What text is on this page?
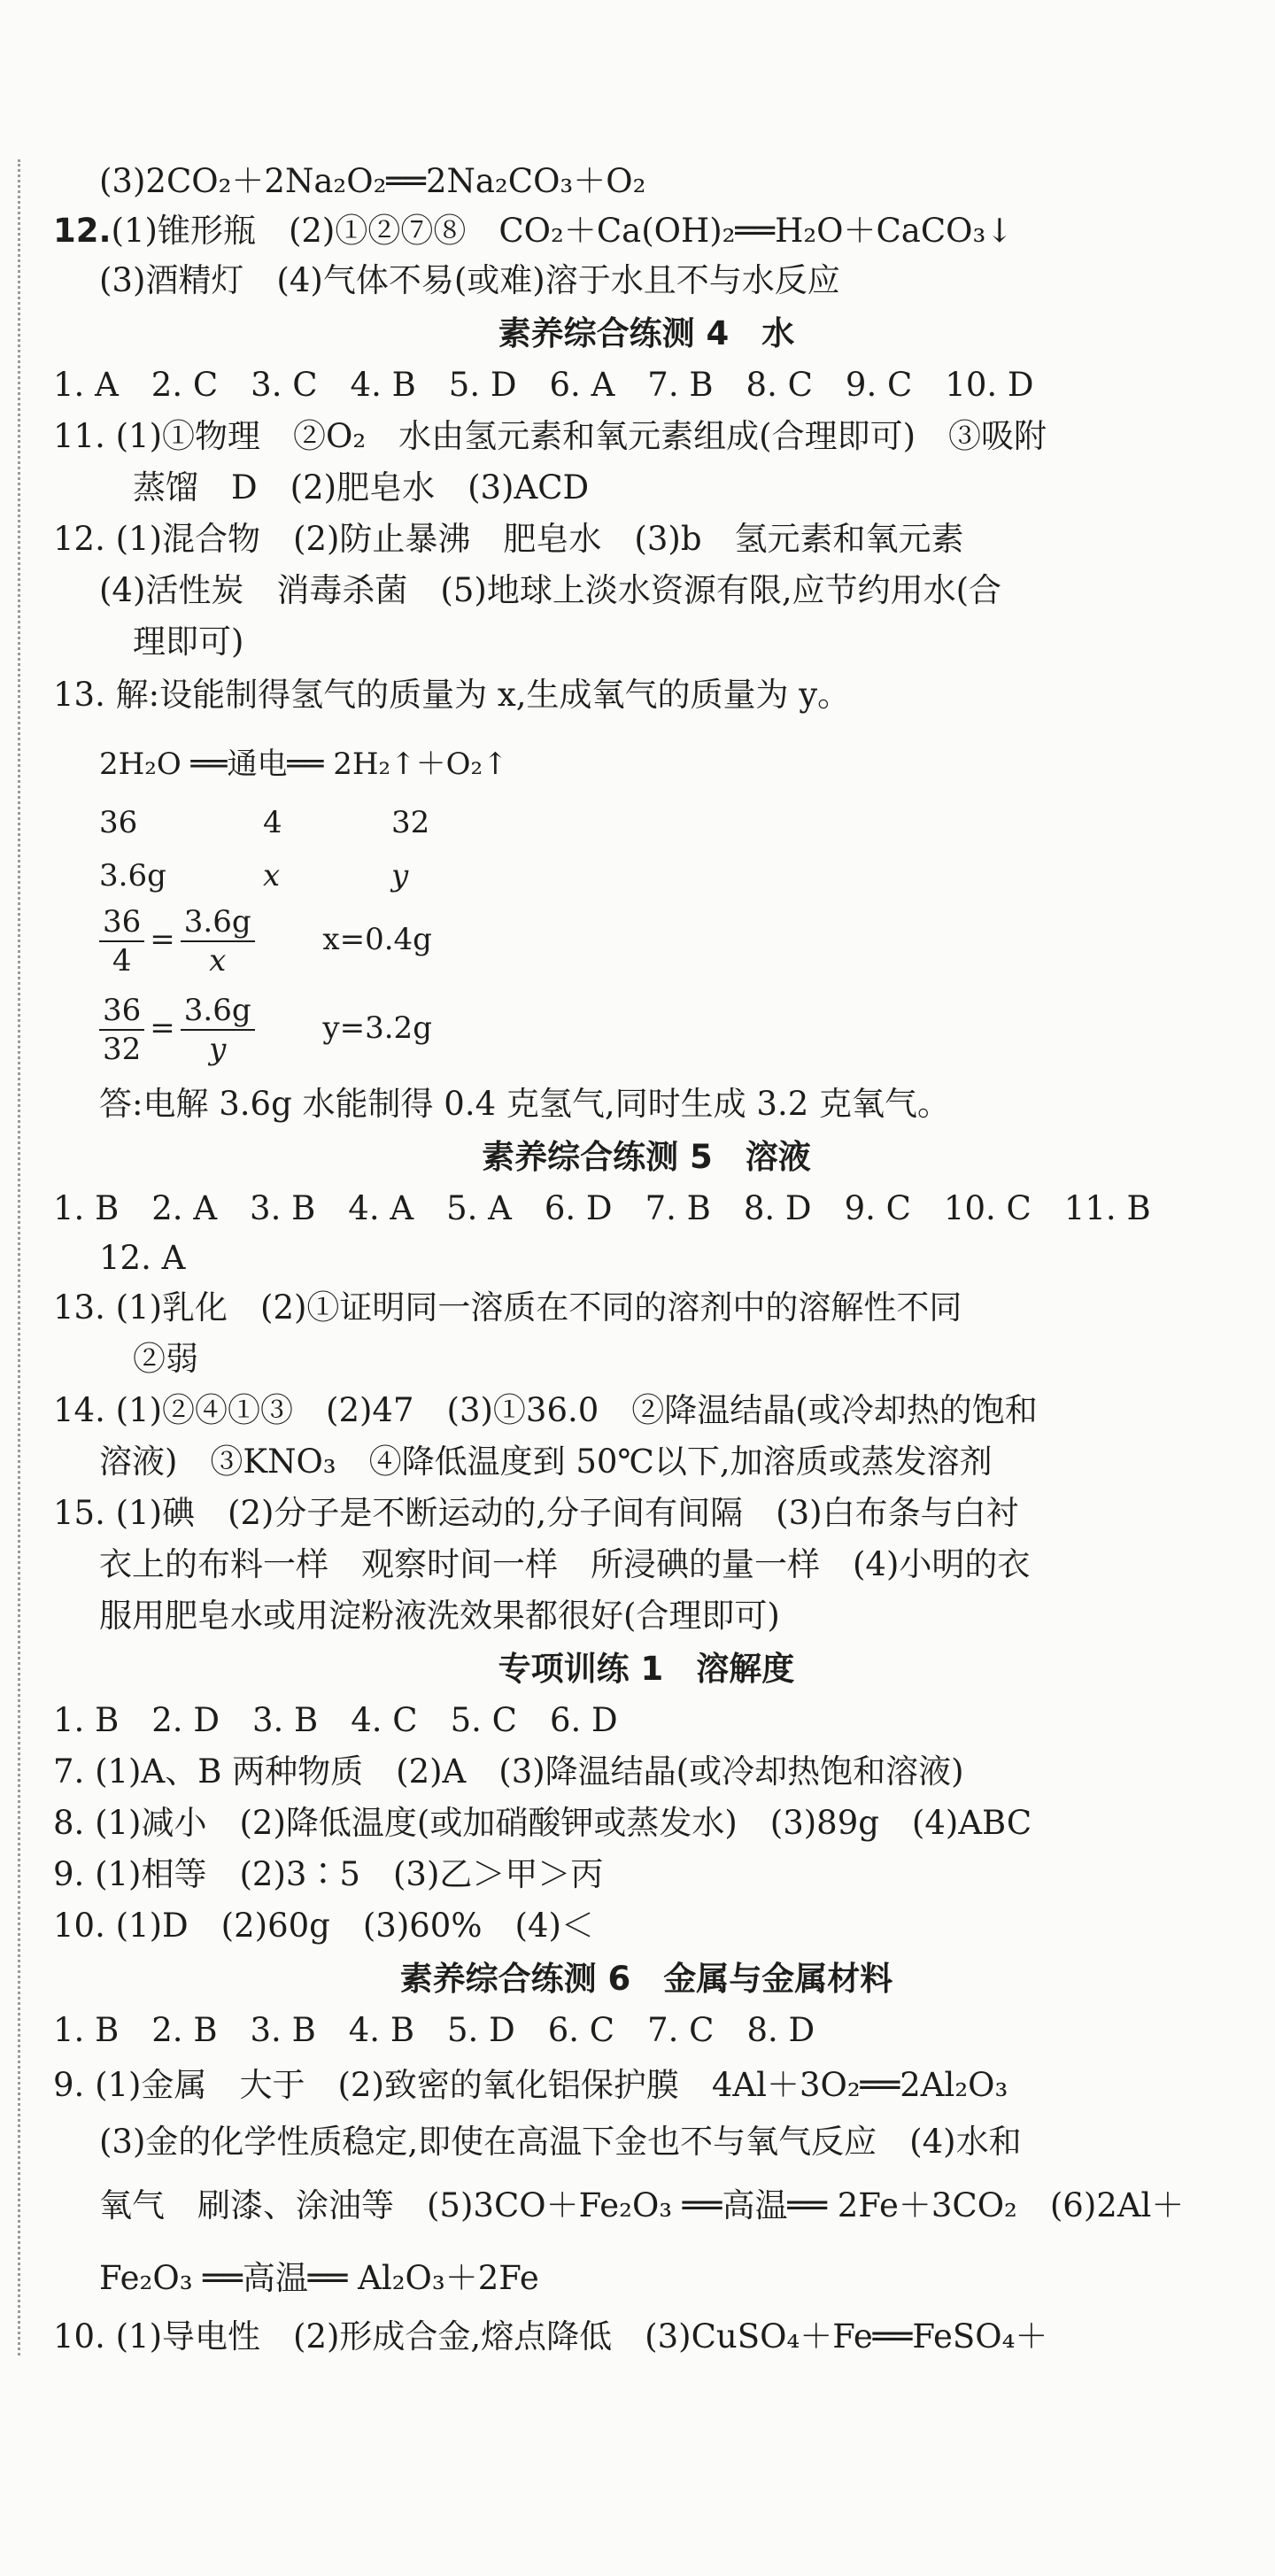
(3)2CO₂＋2Na₂O₂══2Na₂CO₃＋O₂
12.(1)锥形瓶　(2)①②⑦⑧　CO₂＋Ca(OH)₂══H₂O＋CaCO₃↓
(3)酒精灯　(4)气体不易(或难)溶于水且不与水反应
素养综合练测 4　水
1. A　2. C　3. C　4. B　5. D　6. A　7. B　8. C　9. C　10. D
11. (1)①物理　②O₂　水由氢元素和氧元素组成(合理即可)　③吸附
蒸馏　D　(2)肥皂水　(3)ACD
12. (1)混合物　(2)防止暴沸　肥皂水　(3)b　氢元素和氧元素
(4)活性炭　消毒杀菌　(5)地球上淡水资源有限,应节约用水(合
理即可)
13. 解:设能制得氢气的质量为 x,生成氧气的质量为 y。
2H₂O ══通电══ 2H₂↑＋O₂↑
36	4	32
3.6g	x	y
$\frac{36}{4} = \frac{3.6g}{x} x=0.4g$
$\frac{36}{32} = \frac{3.6g}{y} y=3.2g$
答:电解 3.6g 水能制得 0.4 克氢气,同时生成 3.2 克氧气。
素养综合练测 5　溶液
1. B　2. A　3. B　4. A　5. A　6. D　7. B　8. D　9. C　10. C　11. B
12. A
13. (1)乳化　(2)①证明同一溶质在不同的溶剂中的溶解性不同
②弱
14. (1)②④①③　(2)47　(3)①36.0　②降温结晶(或冷却热的饱和
溶液)　③KNO₃　④降低温度到 50℃以下,加溶质或蒸发溶剂
15. (1)碘　(2)分子是不断运动的,分子间有间隔　(3)白布条与白衬
衣上的布料一样　观察时间一样　所浸碘的量一样　(4)小明的衣
服用肥皂水或用淀粉液洗效果都很好(合理即可)
专项训练 1　溶解度
1. B　2. D　3. B　4. C　5. C　6. D
7. (1)A、B 两种物质　(2)A　(3)降温结晶(或冷却热饱和溶液)
8. (1)减小　(2)降低温度(或加硝酸钾或蒸发水)　(3)89g　(4)ABC
9. (1)相等　(2)3∶5　(3)乙＞甲＞丙
10. (1)D　(2)60g　(3)60%　(4)＜
素养综合练测 6　金属与金属材料
1. B　2. B　3. B　4. B　5. D　6. C　7. C　8. D
9. (1)金属　大于　(2)致密的氧化铝保护膜　4Al＋3O₂══2Al₂O₃
(3)金的化学性质稳定,即使在高温下金也不与氧气反应　(4)水和
氧气　刷漆、涂油等　(5)3CO＋Fe₂O₃ ══高温══ 2Fe＋3CO₂　(6)2Al＋
Fe₂O₃ ══高温══ Al₂O₃＋2Fe
10. (1)导电性　(2)形成合金,熔点降低　(3)CuSO₄＋Fe══FeSO₄＋
